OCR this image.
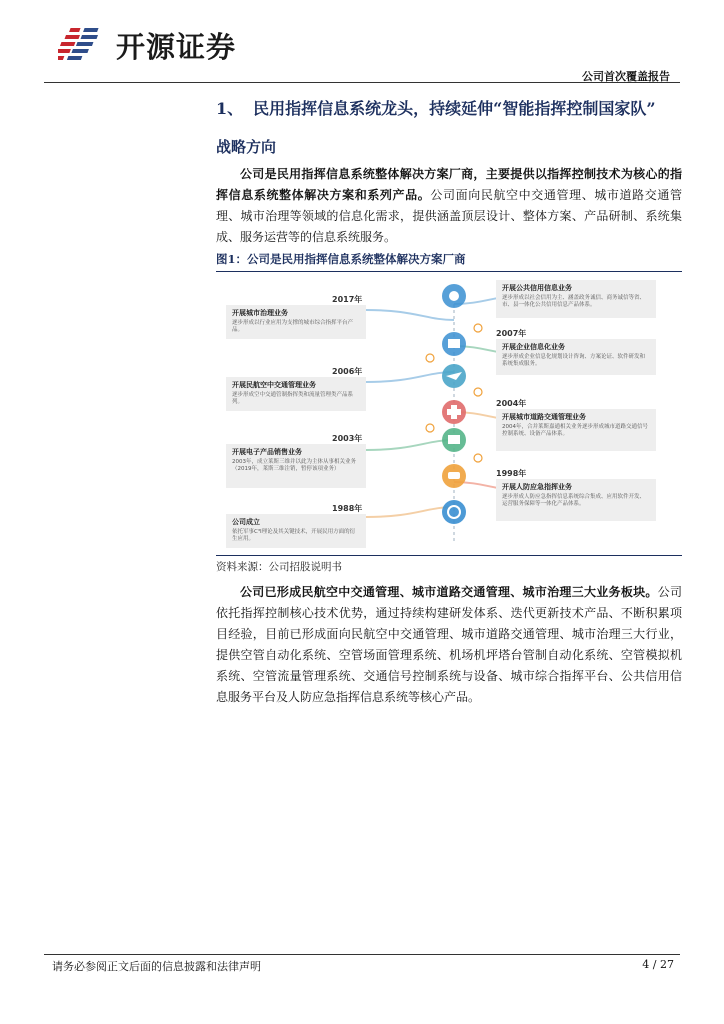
开源证券
公司首次覆盖报告
1、 民用指挥信息系统龙头，持续延伸“智能指挥控制国家队”
战略方向
公司是民用指挥信息系统整体解决方案厂商，主要提供以指挥控制技术为核心的指挥信息系统整体解决方案和系列产品。公司面向民航空中交通管理、城市道路交通管理、城市治理等领域的信息化需求，提供涵盖顶层设计、整体方案、产品研制、系统集成、服务运营等的信息系统服务。
图1：公司是民用指挥信息系统整体解决方案厂商
2017年
开展城市治理业务
逐步形成以行业应用为支撑的城市综合指挥平台产品。
2006年
开展民航空中交通管理业务
逐步形成空中交通管制指挥类和流量管理类产品系列。
2003年
开展电子产品销售业务
2003年，成立莱斯三维并以此为主体从事相关业务（2019年，莱斯三维注销，暂停该项业务）
1988年
公司成立
依托军事C³I理论及其关键技术，开展民用方面的衍生应用。
开展公共信用信息业务
逐步形成以社会信用为主、涵盖政务诚信、商务诚信等省、市、县一体化公共信用信息产品体系。
2007年
开展企业信息化业务
逐步形成企业信息化规划设计咨询、方案论证、软件研发和系统集成服务。
2004年
开展城市道路交通管理业务
2004年，合并莱斯嘉通相关业务逐步形成城市道路交通信号控制系统、设备产品体系。
1998年
开展人防应急指挥业务
逐步形成人防应急指挥信息系统综合集成、应用软件开发、运营服务保障等一体化产品体系。
资料来源：公司招股说明书
公司已形成民航空中交通管理、城市道路交通管理、城市治理三大业务板块。公司依托指挥控制核心技术优势，通过持续构建研发体系、迭代更新技术产品、不断积累项目经验，目前已形成面向民航空中交通管理、城市道路交通管理、城市治理三大行业，提供空管自动化系统、空管场面管理系统、机场机坪塔台管制自动化系统、空管模拟机系统、空管流量管理系统、交通信号控制系统与设备、城市综合指挥平台、公共信用信息服务平台及人防应急指挥信息系统等核心产品。
请务必参阅正文后面的信息披露和法律声明	4 / 27
